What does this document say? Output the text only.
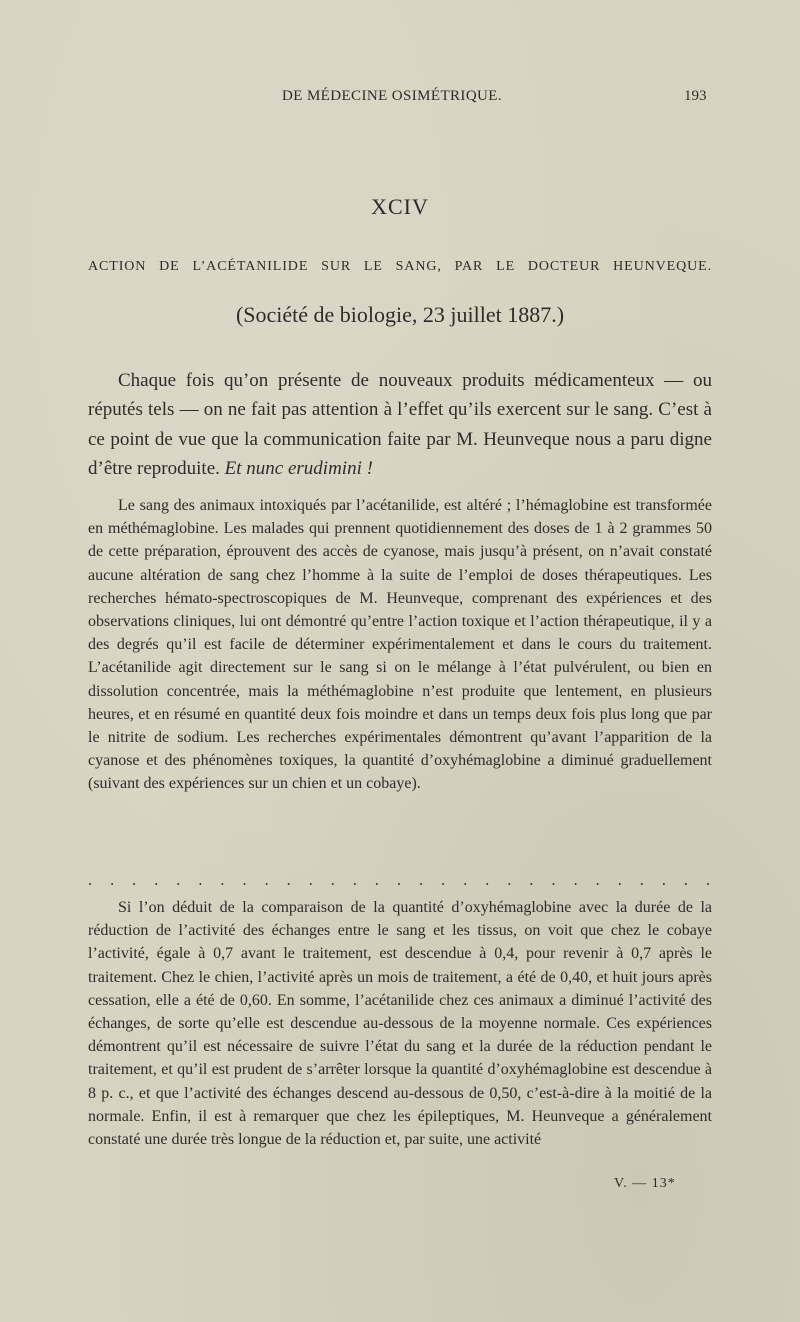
DE MÉDECINE OSIMÉTRIQUE.	193
XCIV
ACTION DE L’ACÉTANILIDE SUR LE SANG, PAR LE DOCTEUR HEUNVEQUE.
(Société de biologie, 23 juillet 1887.)

Chaque fois qu’on présente de nouveaux produits médicamenteux — ou réputés tels — on ne fait pas attention à l’effet qu’ils exercent sur le sang. C’est à ce point de vue que la communication faite par M. Heunveque nous a paru digne d’être reproduite. Et nunc erudimini !

Le sang des animaux intoxiqués par l’acétanilide, est altéré ; l’hémaglobine est transformée en méthémaglobine. Les malades qui prennent quotidiennement des doses de 1 à 2 grammes 50 de cette préparation, éprouvent des accès de cyanose, mais jusqu’à présent, on n’avait constaté aucune altération de sang chez l’homme à la suite de l’emploi de doses thérapeutiques. Les recherches hémato-spectroscopiques de M. Heunveque, comprenant des expériences et des observations cliniques, lui ont démontré qu’entre l’action toxique et l’action thérapeutique, il y a des degrés qu’il est facile de déterminer expérimentalement et dans le cours du traitement. L’acétanilide agit directement sur le sang si on le mélange à l’état pulvérulent, ou bien en dissolution concentrée, mais la méthémaglobine n’est produite que lentement, en plusieurs heures, et en résumé en quantité deux fois moindre et dans un temps deux fois plus long que par le nitrite de sodium. Les recherches expérimentales démontrent qu’avant l’apparition de la cyanose et des phénomènes toxiques, la quantité d’oxyhémaglobine a diminué graduellement (suivant des expériences sur un chien et un cobaye).

. . . . . . . . . . . . . . . . . . . . . . . . . . . . .

Si l’on déduit de la comparaison de la quantité d’oxyhémaglobine avec la durée de la réduction de l’activité des échanges entre le sang et les tissus, on voit que chez le cobaye l’activité, égale à 0,7 avant le traitement, est descendue à 0,4, pour revenir à 0,7 après le traitement. Chez le chien, l’activité après un mois de traitement, a été de 0,40, et huit jours après cessation, elle a été de 0,60. En somme, l’acétanilide chez ces animaux a diminué l’activité des échanges, de sorte qu’elle est descendue au-dessous de la moyenne normale. Ces expériences démontrent qu’il est nécessaire de suivre l’état du sang et la durée de la réduction pendant le traitement, et qu’il est prudent de s’arrêter lorsque la quantité d’oxyhémaglobine est descendue à 8 p. c., et que l’activité des échanges descend au-dessous de 0,50, c’est-à-dire à la moitié de la normale. Enfin, il est à remarquer que chez les épileptiques, M. Heunveque a généralement constaté une durée très longue de la réduction et, par suite, une activité

V. — 13*
